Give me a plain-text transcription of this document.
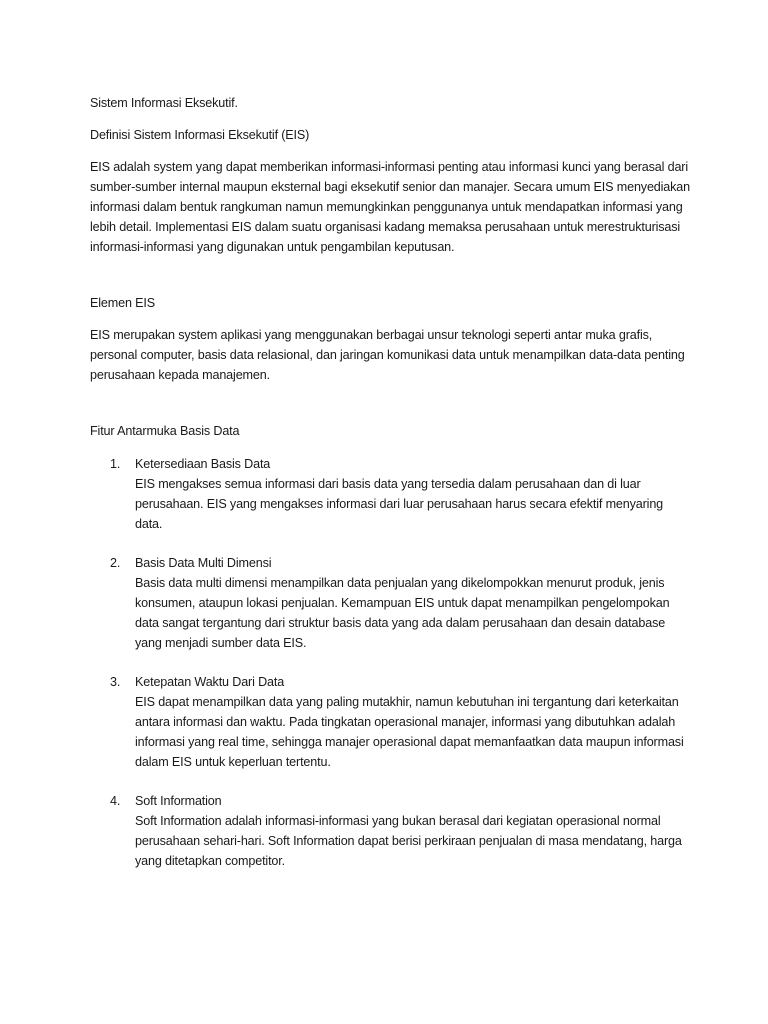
Sistem Informasi Eksekutif.
Definisi Sistem Informasi Eksekutif (EIS)
EIS adalah system yang dapat memberikan informasi-informasi penting atau informasi kunci yang berasal dari sumber-sumber internal maupun eksternal bagi eksekutif senior dan manajer. Secara umum EIS menyediakan informasi dalam bentuk rangkuman namun memungkinkan penggunanya untuk mendapatkan informasi yang lebih detail. Implementasi EIS dalam suatu organisasi kadang memaksa perusahaan untuk merestrukturisasi informasi-informasi yang digunakan untuk pengambilan keputusan.
Elemen EIS
EIS merupakan system aplikasi yang menggunakan berbagai unsur teknologi seperti antar muka grafis, personal computer, basis data relasional, dan jaringan komunikasi data untuk menampilkan data-data penting perusahaan kepada manajemen.
Fitur Antarmuka Basis Data
1. Ketersediaan Basis Data
EIS mengakses semua informasi dari basis data yang tersedia dalam perusahaan dan di luar perusahaan. EIS yang mengakses informasi dari luar perusahaan harus secara efektif menyaring data.
2. Basis Data Multi Dimensi
Basis data multi dimensi menampilkan data penjualan yang dikelompokkan menurut produk, jenis konsumen, ataupun lokasi penjualan. Kemampuan EIS untuk dapat menampilkan pengelompokan data sangat tergantung dari struktur basis data yang ada dalam perusahaan dan desain database yang menjadi sumber data EIS.
3. Ketepatan Waktu Dari Data
EIS dapat menampilkan data yang paling mutakhir, namun kebutuhan ini tergantung dari keterkaitan antara informasi dan waktu. Pada tingkatan operasional manajer, informasi yang dibutuhkan adalah informasi yang real time, sehingga manajer operasional dapat memanfaatkan data maupun informasi dalam EIS untuk keperluan tertentu.
4. Soft Information
Soft Information adalah informasi-informasi yang bukan berasal dari kegiatan operasional normal perusahaan sehari-hari. Soft Information dapat berisi perkiraan penjualan di masa mendatang, harga yang ditetapkan competitor.
